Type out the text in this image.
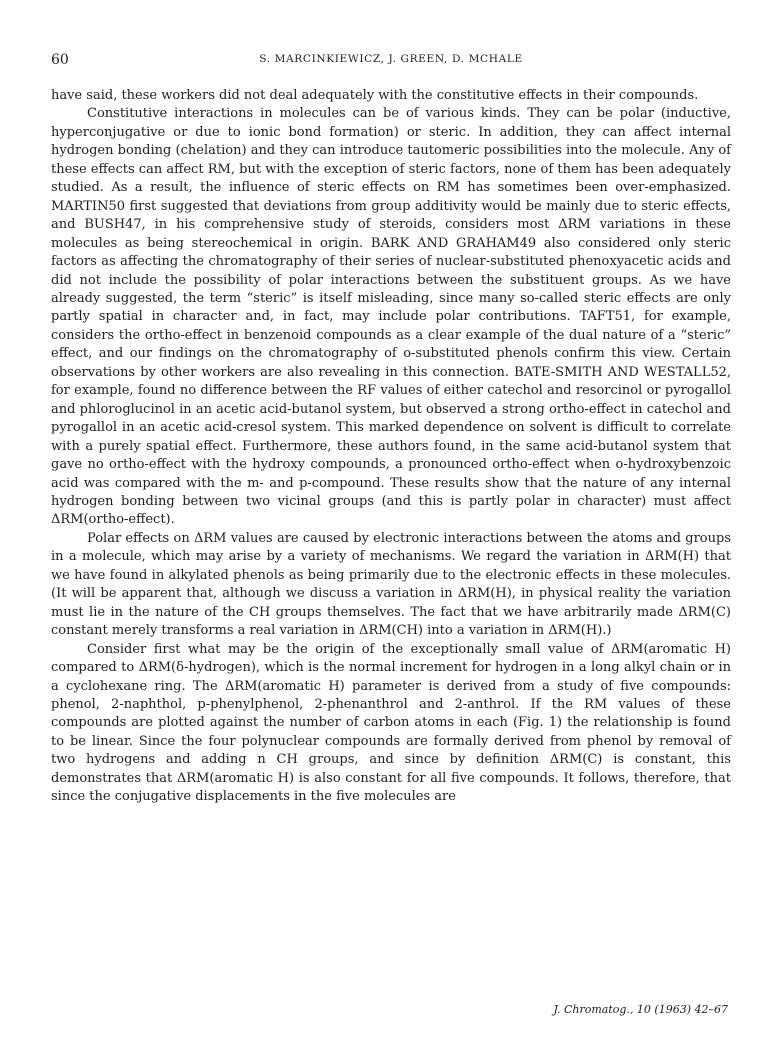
60	S. MARCINKIEWICZ, J. GREEN, D. MCHALE

have said, these workers did not deal adequately with the constitutive effects in their compounds.

Constitutive interactions in molecules can be of various kinds. They can be polar (inductive, hyperconjugative or due to ionic bond formation) or steric. In addition, they can affect internal hydrogen bonding (chelation) and they can introduce tautomeric possibilities into the molecule. Any of these effects can affect RM, but with the exception of steric factors, none of them has been adequately studied. As a result, the influence of steric effects on RM has sometimes been over-emphasized. MARTIN50 first suggested that deviations from group additivity would be mainly due to steric effects, and BUSH47, in his comprehensive study of steroids, considers most ΔRM variations in these molecules as being stereochemical in origin. BARK AND GRAHAM49 also considered only steric factors as affecting the chromatography of their series of nuclear-substituted phenoxyacetic acids and did not include the possibility of polar interactions between the substituent groups. As we have already suggested, the term “steric” is itself misleading, since many so-called steric effects are only partly spatial in character and, in fact, may include polar contributions. TAFT51, for example, considers the ortho-effect in benzenoid compounds as a clear example of the dual nature of a “steric” effect, and our findings on the chromatography of o-substituted phenols confirm this view. Certain observations by other workers are also revealing in this connection. BATE-SMITH AND WESTALL52, for example, found no difference between the RF values of either catechol and resorcinol or pyrogallol and phloroglucinol in an acetic acid-butanol system, but observed a strong ortho-effect in catechol and pyrogallol in an acetic acid-cresol system. This marked dependence on solvent is difficult to correlate with a purely spatial effect. Furthermore, these authors found, in the same acid-butanol system that gave no ortho-effect with the hydroxy compounds, a pronounced ortho-effect when o-hydroxybenzoic acid was compared with the m- and p-compound. These results show that the nature of any internal hydrogen bonding between two vicinal groups (and this is partly polar in character) must affect ΔRM(ortho-effect).

Polar effects on ΔRM values are caused by electronic interactions between the atoms and groups in a molecule, which may arise by a variety of mechanisms. We regard the variation in ΔRM(H) that we have found in alkylated phenols as being primarily due to the electronic effects in these molecules. (It will be apparent that, although we discuss a variation in ΔRM(H), in physical reality the variation must lie in the nature of the CH groups themselves. The fact that we have arbitrarily made ΔRM(C) constant merely transforms a real variation in ΔRM(CH) into a variation in ΔRM(H).)

Consider first what may be the origin of the exceptionally small value of ΔRM(aromatic H) compared to ΔRM(δ-hydrogen), which is the normal increment for hydrogen in a long alkyl chain or in a cyclohexane ring. The ΔRM(aromatic H) parameter is derived from a study of five compounds: phenol, 2-naphthol, p-phenylphenol, 2-phenanthrol and 2-anthrol. If the RM values of these compounds are plotted against the number of carbon atoms in each (Fig. 1) the relationship is found to be linear. Since the four polynuclear compounds are formally derived from phenol by removal of two hydrogens and adding n CH groups, and since by definition ΔRM(C) is constant, this demonstrates that ΔRM(aromatic H) is also constant for all five compounds. It follows, therefore, that since the conjugative displacements in the five molecules are

J. Chromatog., 10 (1963) 42–67
